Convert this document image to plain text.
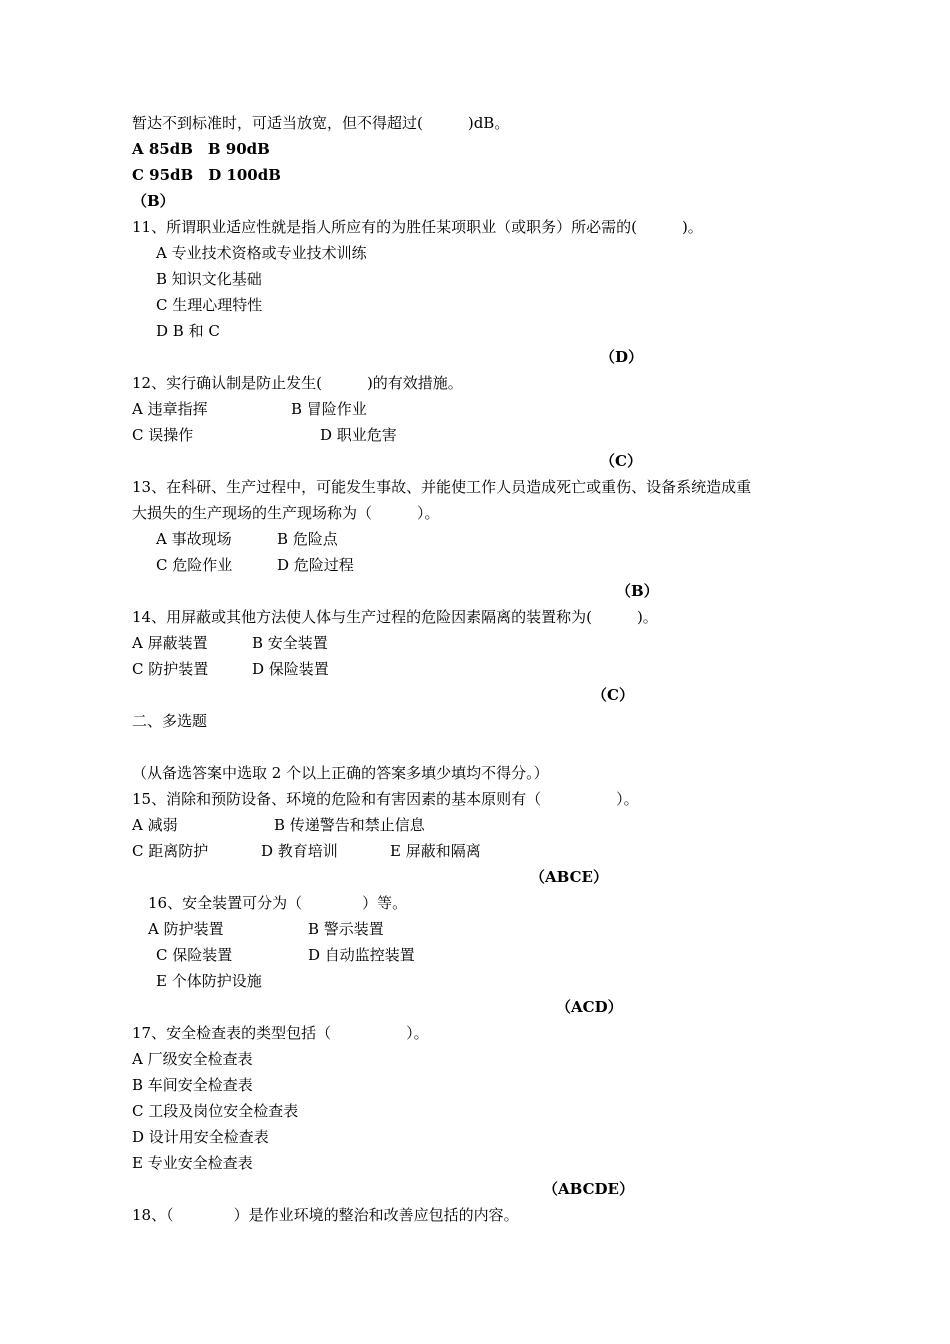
暂达不到标准时，可适当放宽，但不得超过(　　　)dB。
A 85dB　B 90dB
C 95dB　D 100dB
（B）
11、所谓职业适应性就是指人所应有的为胜任某项职业（或职务）所必需的(　　　)。
A 专业技术资格或专业技术训练
B 知识文化基础
C 生理心理特性
D B 和 C
（D）
12、实行确认制是防止发生(　　　)的有效措施。
A 违章指挥	B 冒险作业
C 误操作	D 职业危害
（C）
13、在科研、生产过程中，可能发生事故、并能使工作人员造成死亡或重伤、设备系统造成重
大损失的生产现场的生产现场称为（　　　）。
A 事故现场	B 危险点
C 危险作业	D 危险过程
（B）
14、用屏蔽或其他方法使人体与生产过程的危险因素隔离的装置称为(　　　)。
A 屏蔽装置	B 安全装置
C 防护装置	D 保险装置
（C）
二、多选题
（从备选答案中选取 2 个以上正确的答案多填少填均不得分。）
15、消除和预防设备、环境的危险和有害因素的基本原则有（　　　　　）。
A 减弱	B 传递警告和禁止信息
C 距离防护	D 教育培训	E 屏蔽和隔离
（ABCE）
16、安全装置可分为（　　　　）等。
A 防护装置	B 警示装置
C 保险装置	D 自动监控装置
E 个体防护设施
（ACD）
17、安全检查表的类型包括（　　　　　）。
A 厂级安全检查表
B 车间安全检查表
C 工段及岗位安全检查表
D 设计用安全检查表
E 专业安全检查表
（ABCDE）
18、（　　　　）是作业环境的整治和改善应包括的内容。
